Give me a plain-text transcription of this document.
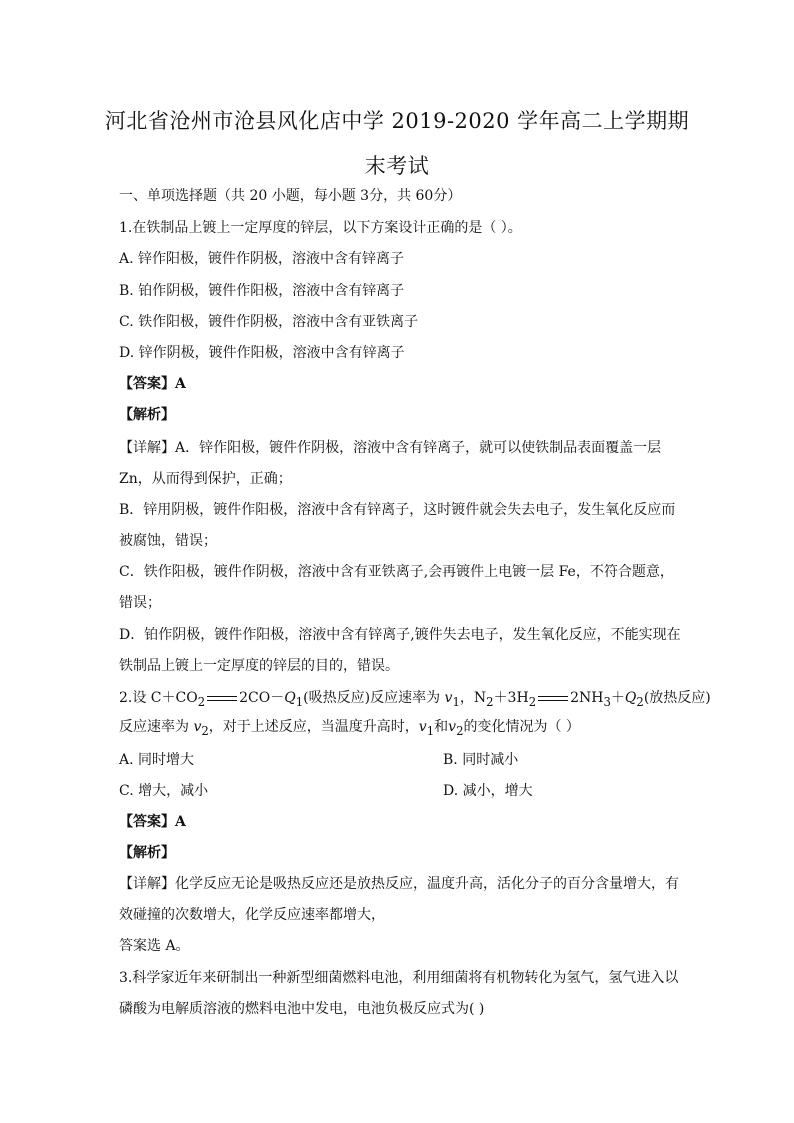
河北省沧州市沧县风化店中学 2019-2020 学年高二上学期期
末考试
一、单项选择题（共 20 小题，每小题 3分，共 60分）
1.在铁制品上镀上一定厚度的锌层，以下方案设计正确的是（ ）。
A. 锌作阳极，镀件作阴极，溶液中含有锌离子
B. 铂作阴极，镀件作阳极，溶液中含有锌离子
C. 铁作阳极，镀件作阴极，溶液中含有亚铁离子
D. 锌作阴极，镀件作阳极，溶液中含有锌离子
【答案】A
【解析】
【详解】A．锌作阳极，镀件作阴极，溶液中含有锌离子，就可以使铁制品表面覆盖一层
Zn，从而得到保护，正确；
B．锌用阴极，镀件作阳极，溶液中含有锌离子，这时镀件就会失去电子，发生氧化反应而
被腐蚀，错误；
C．铁作阳极，镀件作阴极，溶液中含有亚铁离子,会再镀件上电镀一层 Fe，不符合题意，
错误；
D．铂作阴极，镀件作阳极，溶液中含有锌离子,镀件失去电子，发生氧化反应，不能实现在
铁制品上镀上一定厚度的锌层的目的，错误。
2.设 $C+CO_2$ $2CO-Q_1$(吸热反应)反应速率为 $v_1$，$N_2+3H_2$ $2NH_3+Q_2$(放热反应)
反应速率为 $v_2$，对于上述反应，当温度升高时，$v_1$和$v_2$的变化情况为（ ）
A. 同时增大	B. 同时减小
C. 增大，减小	D. 减小，增大
【答案】A
【解析】
【详解】化学反应无论是吸热反应还是放热反应，温度升高，活化分子的百分含量增大，有
效碰撞的次数增大，化学反应速率都增大，
答案选 A。
3.科学家近年来研制出一种新型细菌燃料电池，利用细菌将有机物转化为氢气，氢气进入以
磷酸为电解质溶液的燃料电池中发电，电池负极反应式为( )
